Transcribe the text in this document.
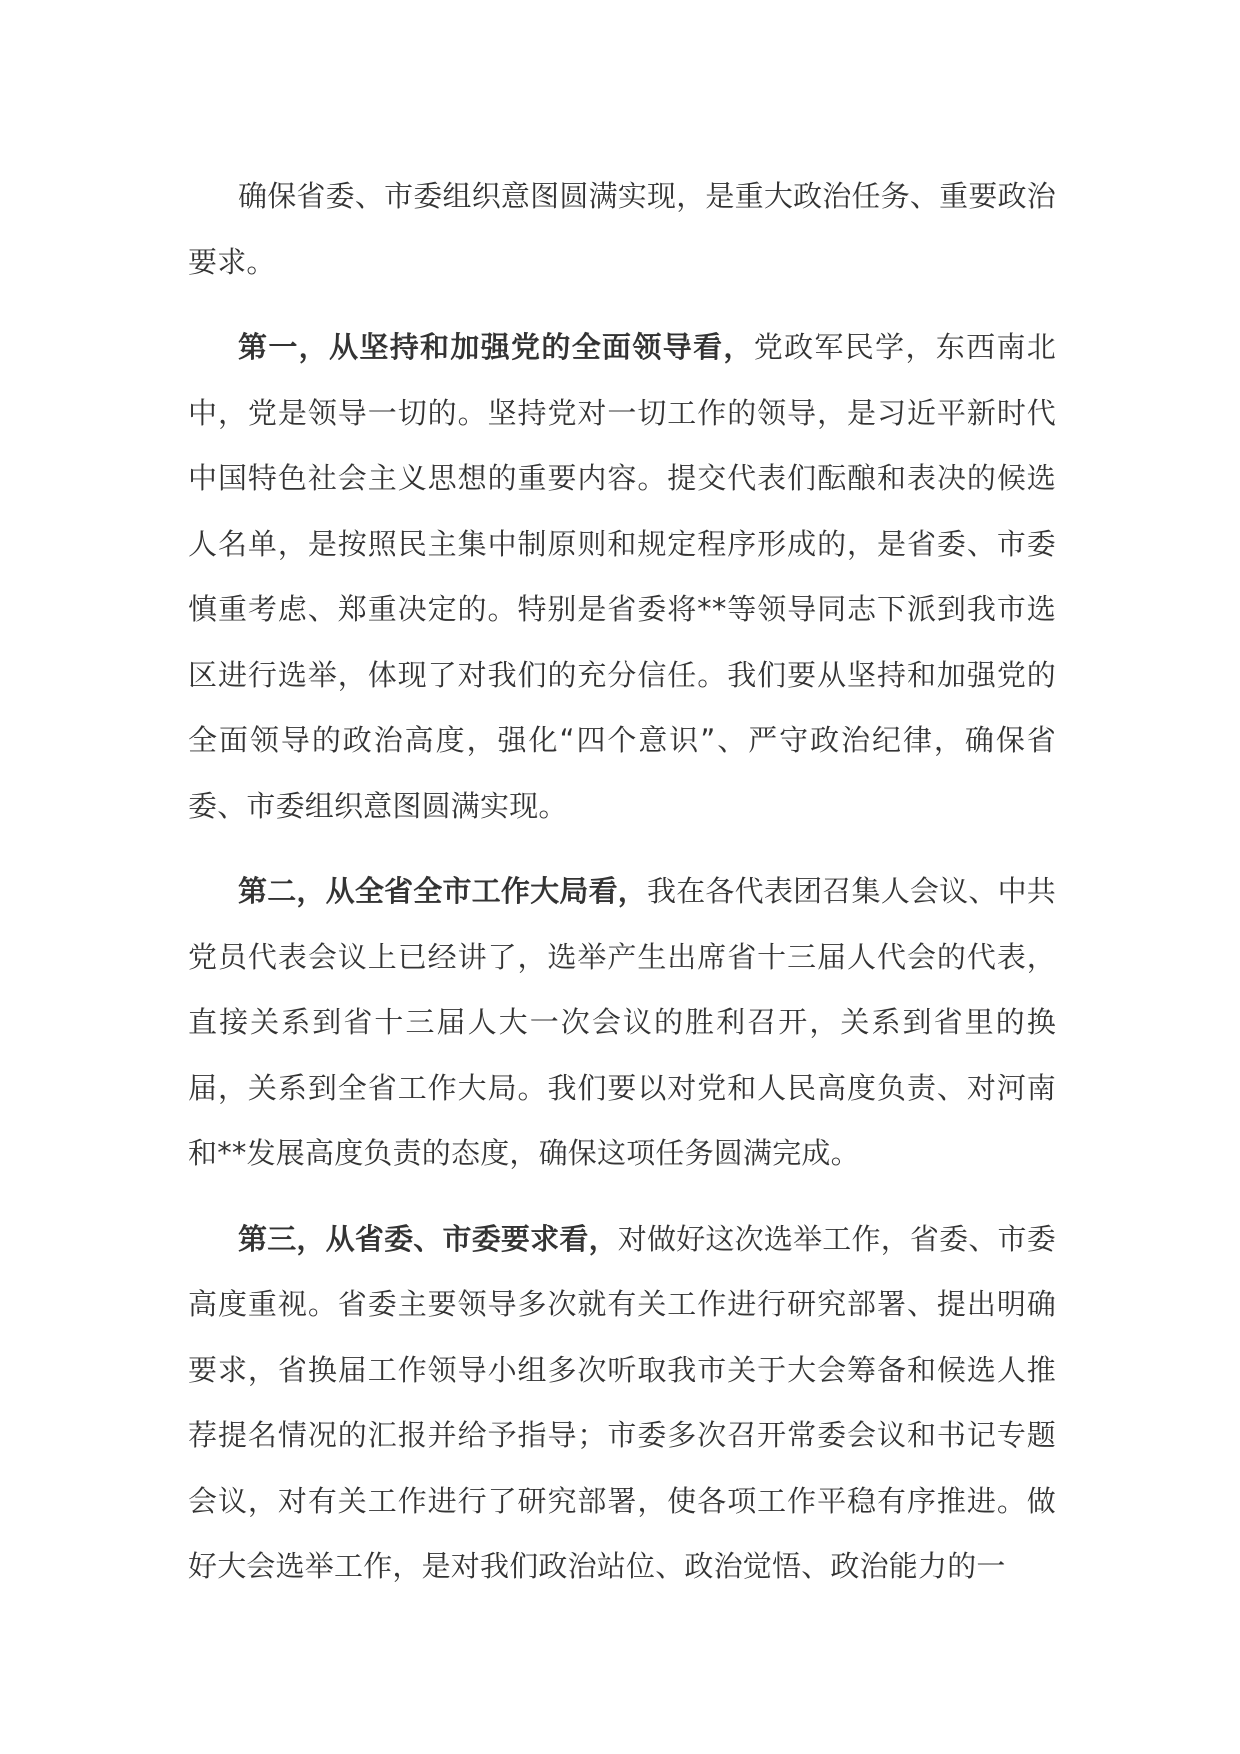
确保省委、市委组织意图圆满实现，是重大政治任务、重要政治要求。

第一，从坚持和加强党的全面领导看，党政军民学，东西南北中，党是领导一切的。坚持党对一切工作的领导，是习近平新时代中国特色社会主义思想的重要内容。提交代表们酝酿和表决的候选人名单，是按照民主集中制原则和规定程序形成的，是省委、市委慎重考虑、郑重决定的。特别是省委将**等领导同志下派到我市选区进行选举，体现了对我们的充分信任。我们要从坚持和加强党的全面领导的政治高度，强化“四个意识”、严守政治纪律，确保省委、市委组织意图圆满实现。

第二，从全省全市工作大局看，我在各代表团召集人会议、中共党员代表会议上已经讲了，选举产生出席省十三届人代会的代表，直接关系到省十三届人大一次会议的胜利召开，关系到省里的换届，关系到全省工作大局。我们要以对党和人民高度负责、对河南和**发展高度负责的态度，确保这项任务圆满完成。

第三，从省委、市委要求看，对做好这次选举工作，省委、市委高度重视。省委主要领导多次就有关工作进行研究部署、提出明确要求，省换届工作领导小组多次听取我市关于大会筹备和候选人推荐提名情况的汇报并给予指导；市委多次召开常委会议和书记专题会议，对有关工作进行了研究部署，使各项工作平稳有序推进。做好大会选举工作，是对我们政治站位、政治觉悟、政治能力的一
